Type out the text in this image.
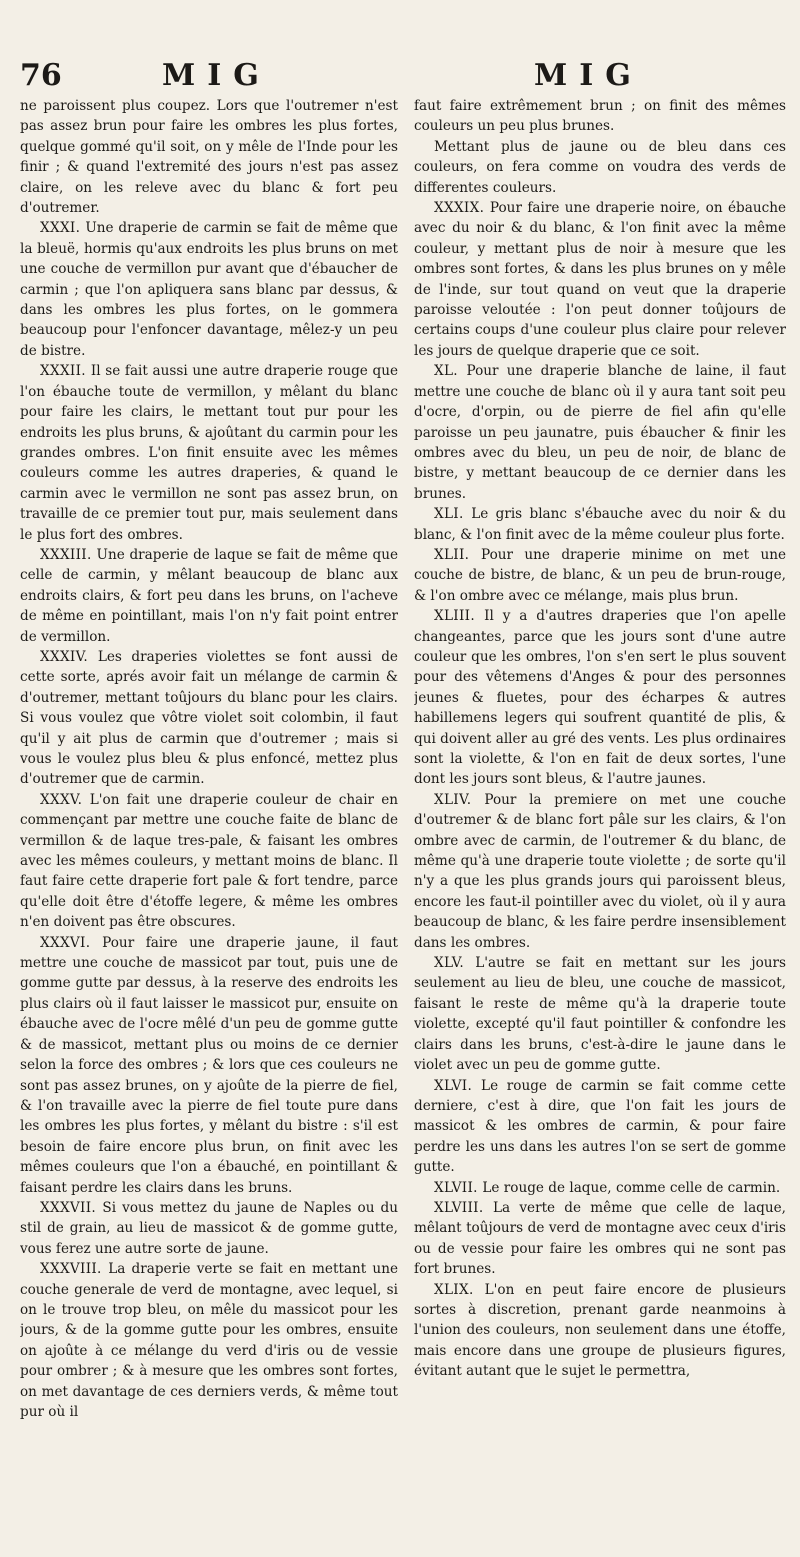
76	MIG	MIG

ne paroissent plus coupez. Lors que l'outremer n'est pas assez brun pour faire les ombres les plus fortes, quelque gommé qu'il soit, on y mêle de l'Inde pour les finir ; & quand l'extremité des jours n'est pas assez claire, on les releve avec du blanc & fort peu d'outremer.

XXXI. Une draperie de carmin se fait de même que la bleuë, hormis qu'aux endroits les plus bruns on met une couche de vermillon pur avant que d'ébaucher de carmin ; que l'on apliquera sans blanc par dessus, & dans les ombres les plus fortes, on le gommera beaucoup pour l'enfoncer davantage, mêlez-y un peu de bistre.

XXXII. Il se fait aussi une autre draperie rouge que l'on ébauche toute de vermillon, y mêlant du blanc pour faire les clairs, le mettant tout pur pour les endroits les plus bruns, & ajoûtant du carmin pour les grandes ombres. L'on finit ensuite avec les mêmes couleurs comme les autres draperies, & quand le carmin avec le vermillon ne sont pas assez brun, on travaille de ce premier tout pur, mais seulement dans le plus fort des ombres.

XXXIII. Une draperie de laque se fait de même que celle de carmin, y mêlant beaucoup de blanc aux endroits clairs, & fort peu dans les bruns, on l'acheve de même en pointillant, mais l'on n'y fait point entrer de vermillon.

XXXIV. Les draperies violettes se font aussi de cette sorte, aprés avoir fait un mélange de carmin & d'outremer, mettant toûjours du blanc pour les clairs. Si vous voulez que vôtre violet soit colombin, il faut qu'il y ait plus de carmin que d'outremer ; mais si vous le voulez plus bleu & plus enfoncé, mettez plus d'outremer que de carmin.

XXXV. L'on fait une draperie couleur de chair en commençant par mettre une couche faite de blanc de vermillon & de laque tres-pale, & faisant les ombres avec les mêmes couleurs, y mettant moins de blanc. Il faut faire cette draperie fort pale & fort tendre, parce qu'elle doit être d'étoffe legere, & même les ombres n'en doivent pas être obscures.

XXXVI. Pour faire une draperie jaune, il faut mettre une couche de massicot par tout, puis une de gomme gutte par dessus, à la reserve des endroits les plus clairs où il faut laisser le massicot pur, ensuite on ébauche avec de l'ocre mêlé d'un peu de gomme gutte & de massicot, mettant plus ou moins de ce dernier selon la force des ombres ; & lors que ces couleurs ne sont pas assez brunes, on y ajoûte de la pierre de fiel, & l'on travaille avec la pierre de fiel toute pure dans les ombres les plus fortes, y mêlant du bistre : s'il est besoin de faire encore plus brun, on finit avec les mêmes couleurs que l'on a ébauché, en pointillant & faisant perdre les clairs dans les bruns.

XXXVII. Si vous mettez du jaune de Naples ou du stil de grain, au lieu de massicot & de gomme gutte, vous ferez une autre sorte de jaune.

XXXVIII. La draperie verte se fait en mettant une couche generale de verd de montagne, avec lequel, si on le trouve trop bleu, on mêle du massicot pour les jours, & de la gomme gutte pour les ombres, ensuite on ajoûte à ce mélange du verd d'iris ou de vessie pour ombrer ; & à mesure que les ombres sont fortes, on met davantage de ces derniers verds, & même tout pur où il

faut faire extrêmement brun ; on finit des mêmes couleurs un peu plus brunes.

Mettant plus de jaune ou de bleu dans ces couleurs, on fera comme on voudra des verds de differentes couleurs.

XXXIX. Pour faire une draperie noire, on ébauche avec du noir & du blanc, & l'on finit avec la même couleur, y mettant plus de noir à mesure que les ombres sont fortes, & dans les plus brunes on y mêle de l'inde, sur tout quand on veut que la draperie paroisse veloutée : l'on peut donner toûjours de certains coups d'une couleur plus claire pour relever les jours de quelque draperie que ce soit.

XL. Pour une draperie blanche de laine, il faut mettre une couche de blanc où il y aura tant soit peu d'ocre, d'orpin, ou de pierre de fiel afin qu'elle paroisse un peu jaunatre, puis ébaucher & finir les ombres avec du bleu, un peu de noir, de blanc de bistre, y mettant beaucoup de ce dernier dans les brunes.

XLI. Le gris blanc s'ébauche avec du noir & du blanc, & l'on finit avec de la même couleur plus forte.

XLII. Pour une draperie minime on met une couche de bistre, de blanc, & un peu de brun-rouge, & l'on ombre avec ce mélange, mais plus brun.

XLIII. Il y a d'autres draperies que l'on apelle changeantes, parce que les jours sont d'une autre couleur que les ombres, l'on s'en sert le plus souvent pour des vêtemens d'Anges & pour des personnes jeunes & fluetes, pour des écharpes & autres habillemens legers qui soufrent quantité de plis, & qui doivent aller au gré des vents. Les plus ordinaires sont la violette, & l'on en fait de deux sortes, l'une dont les jours sont bleus, & l'autre jaunes.

XLIV. Pour la premiere on met une couche d'outremer & de blanc fort pâle sur les clairs, & l'on ombre avec de carmin, de l'outremer & du blanc, de même qu'à une draperie toute violette ; de sorte qu'il n'y a que les plus grands jours qui paroissent bleus, encore les faut-il pointiller avec du violet, où il y aura beaucoup de blanc, & les faire perdre insensiblement dans les ombres.

XLV. L'autre se fait en mettant sur les jours seulement au lieu de bleu, une couche de massicot, faisant le reste de même qu'à la draperie toute violette, excepté qu'il faut pointiller & confondre les clairs dans les bruns, c'est-à-dire le jaune dans le violet avec un peu de gomme gutte.

XLVI. Le rouge de carmin se fait comme cette derniere, c'est à dire, que l'on fait les jours de massicot & les ombres de carmin, & pour faire perdre les uns dans les autres l'on se sert de gomme gutte.

XLVII. Le rouge de laque, comme celle de carmin.

XLVIII. La verte de même que celle de laque, mêlant toûjours de verd de montagne avec ceux d'iris ou de vessie pour faire les ombres qui ne sont pas fort brunes.

XLIX. L'on en peut faire encore de plusieurs sortes à discretion, prenant garde neanmoins à l'union des couleurs, non seulement dans une étoffe, mais encore dans une groupe de plusieurs figures, évitant autant que le sujet le permettra,
